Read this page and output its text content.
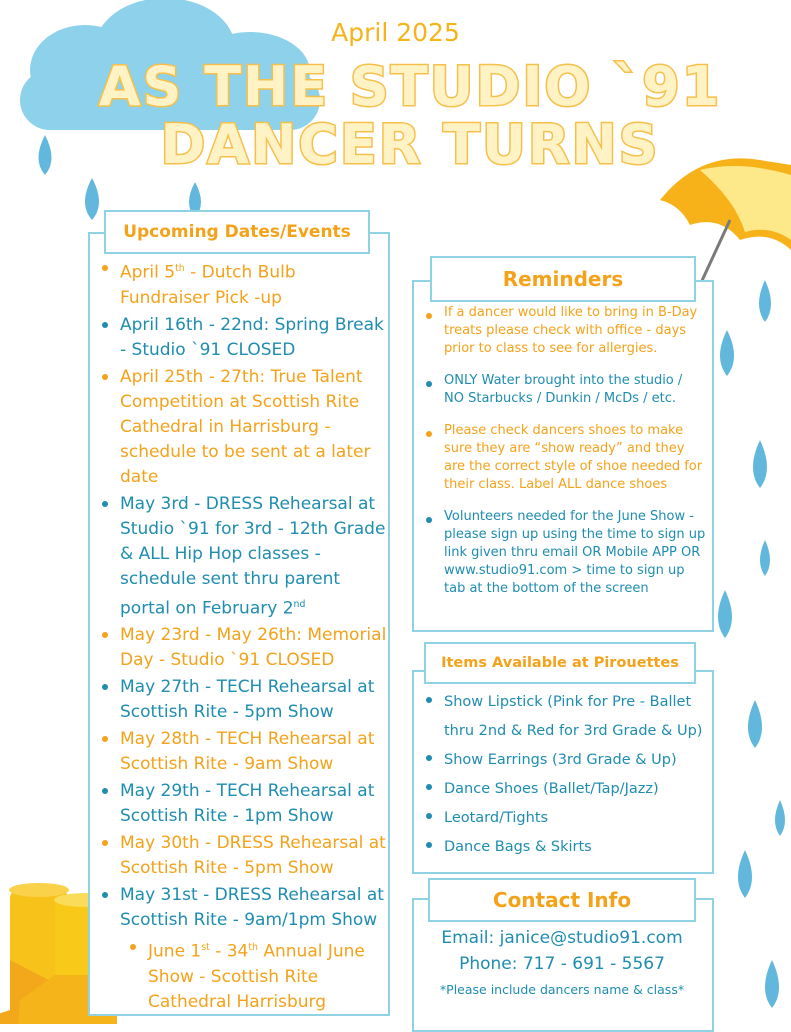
April 2025
AS THE STUDIO `91
DANCER TURNS
Upcoming Dates/Events
April 5th - Dutch Bulb Fundraiser Pick -up
April 16th - 22nd: Spring Break - Studio `91 CLOSED
April 25th - 27th: True Talent Competition at Scottish Rite Cathedral in Harrisburg - schedule to be sent at a later date
May 3rd - DRESS Rehearsal at Studio `91 for 3rd - 12th Grade & ALL Hip Hop classes - schedule sent thru parent portal on February 2nd
May 23rd - May 26th: Memorial Day - Studio `91 CLOSED
May 27th - TECH Rehearsal at Scottish Rite - 5pm Show
May 28th - TECH Rehearsal at Scottish Rite - 9am Show
May 29th - TECH Rehearsal at Scottish Rite - 1pm Show
May 30th - DRESS Rehearsal at Scottish Rite - 5pm Show
May 31st - DRESS Rehearsal at Scottish Rite - 9am/1pm Show
June 1st - 34th Annual June Show - Scottish Rite Cathedral Harrisburg
Reminders
If a dancer would like to bring in B-Day treats please check with office - days prior to class to see for allergies.
ONLY Water brought into the studio / NO Starbucks / Dunkin / McDs / etc.
Please check dancers shoes to make sure they are “show ready” and they are the correct style of shoe needed for their class. Label ALL dance shoes
Volunteers needed for the June Show - please sign up using the time to sign up link given thru email OR Mobile APP OR www.studio91.com > time to sign up tab at the bottom of the screen
Items Available at Pirouettes
Show Lipstick (Pink for Pre - Ballet thru 2nd & Red for 3rd Grade & Up)
Show Earrings (3rd Grade & Up)
Dance Shoes (Ballet/Tap/Jazz)
Leotard/Tights
Dance Bags & Skirts
Contact Info
Email: janice@studio91.com
Phone: 717 - 691 - 5567
*Please include dancers name & class*
